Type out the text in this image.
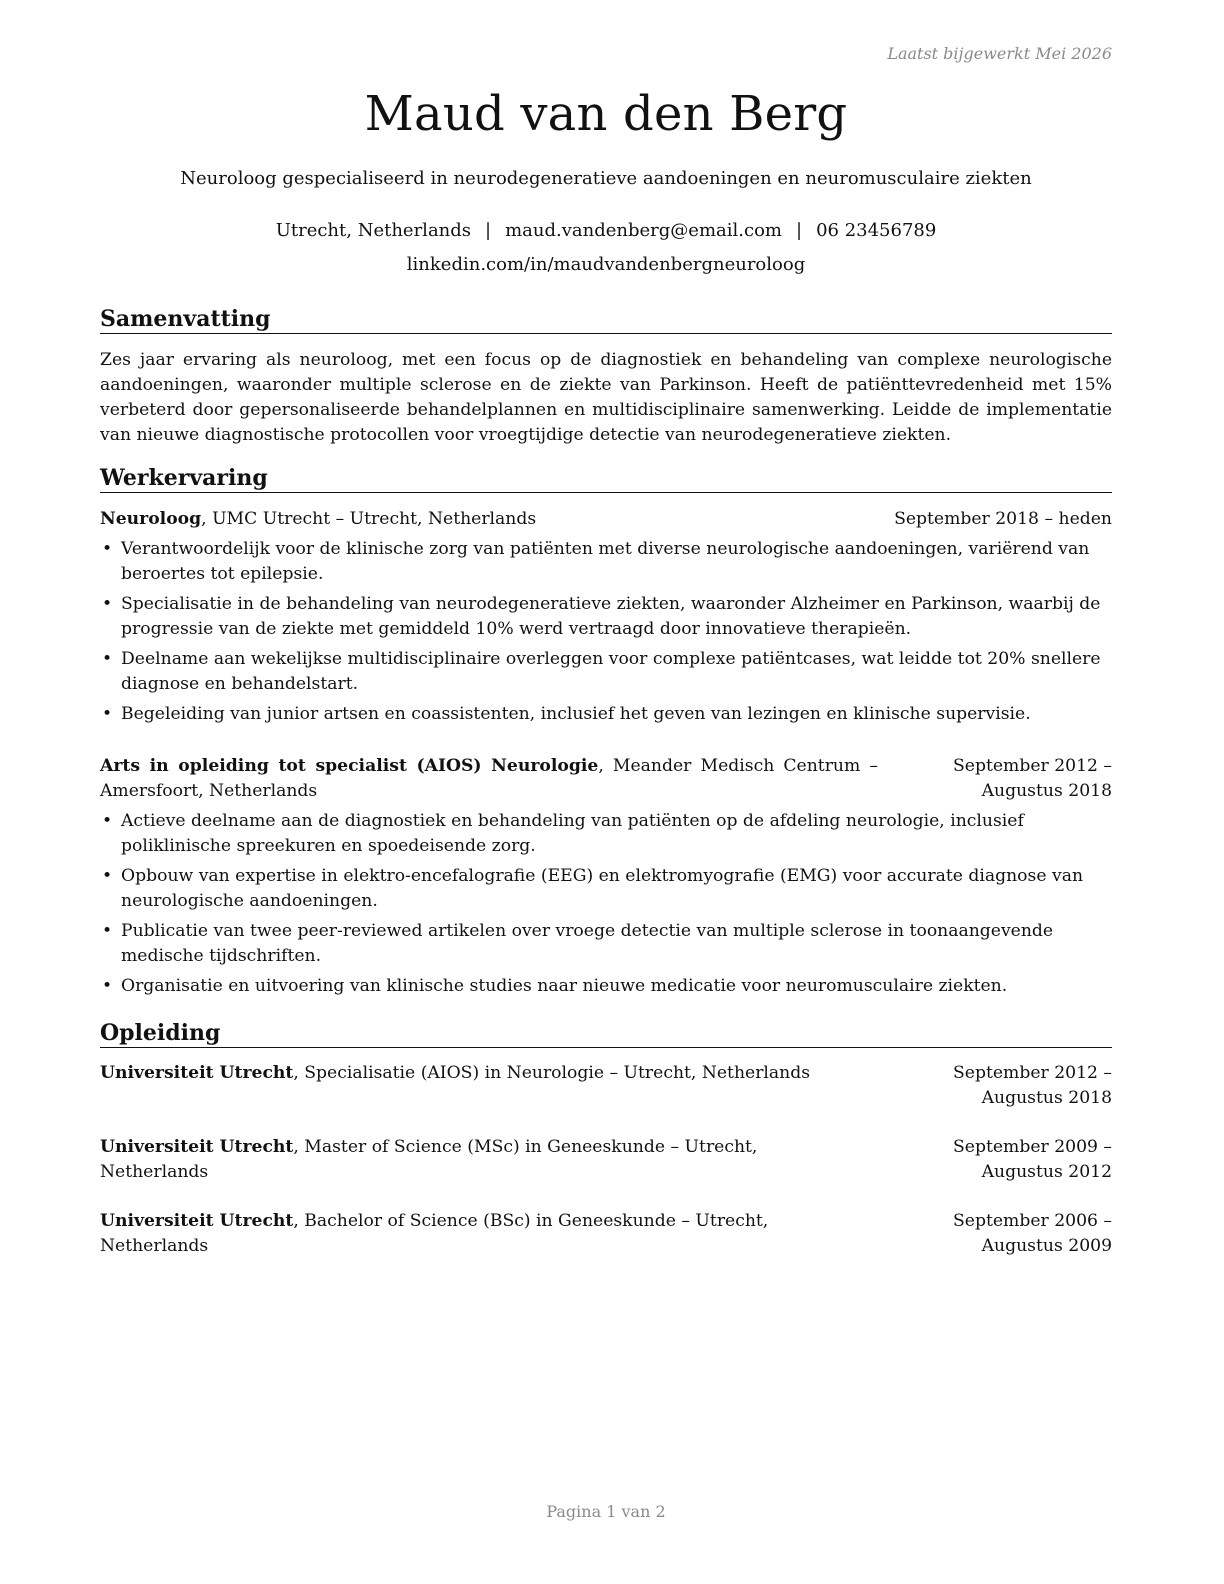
Laatst bijgewerkt Mei 2026
Maud van den Berg
Neuroloog gespecialiseerd in neurodegeneratieve aandoeningen en neuromusculaire ziekten
Utrecht, Netherlands | maud.vandenberg@email.com | 06 23456789
linkedin.com/in/maudvandenbergneuroloog
Samenvatting
Zes jaar ervaring als neuroloog, met een focus op de diagnostiek en behandeling van complexe neurologische aandoeningen, waaronder multiple sclerose en de ziekte van Parkinson. Heeft de patiënttevredenheid met 15% verbeterd door gepersonaliseerde behandelplannen en multidisciplinaire samenwerking. Leidde de implementatie van nieuwe diagnostische protocollen voor vroegtijdige detectie van neurodegeneratieve ziekten.
Werkervaring
Neuroloog, UMC Utrecht – Utrecht, Netherlands	September 2018 – heden
• Verantwoordelijk voor de klinische zorg van patiënten met diverse neurologische aandoeningen, variërend van beroertes tot epilepsie.
• Specialisatie in de behandeling van neurodegeneratieve ziekten, waaronder Alzheimer en Parkinson, waarbij de progressie van de ziekte met gemiddeld 10% werd vertraagd door innovatieve therapieën.
• Deelname aan wekelijkse multidisciplinaire overleggen voor complexe patiëntcases, wat leidde tot 20% snellere diagnose en behandelstart.
• Begeleiding van junior artsen en coassistenten, inclusief het geven van lezingen en klinische supervisie.
Arts in opleiding tot specialist (AIOS) Neurologie, Meander Medisch Centrum – Amersfoort, Netherlands
September 2012 – Augustus 2018
• Actieve deelname aan de diagnostiek en behandeling van patiënten op de afdeling neurologie, inclusief poliklinische spreekuren en spoedeisende zorg.
• Opbouw van expertise in elektro-encefalografie (EEG) en elektromyografie (EMG) voor accurate diagnose van neurologische aandoeningen.
• Publicatie van twee peer-reviewed artikelen over vroege detectie van multiple sclerose in toonaangevende medische tijdschriften.
• Organisatie en uitvoering van klinische studies naar nieuwe medicatie voor neuromusculaire ziekten.
Opleiding
Universiteit Utrecht, Specialisatie (AIOS) in Neurologie – Utrecht, Netherlands	September 2012 – Augustus 2018
Universiteit Utrecht, Master of Science (MSc) in Geneeskunde – Utrecht, Netherlands
September 2009 – Augustus 2012
Universiteit Utrecht, Bachelor of Science (BSc) in Geneeskunde – Utrecht, Netherlands
September 2006 – Augustus 2009
Pagina 1 van 2
